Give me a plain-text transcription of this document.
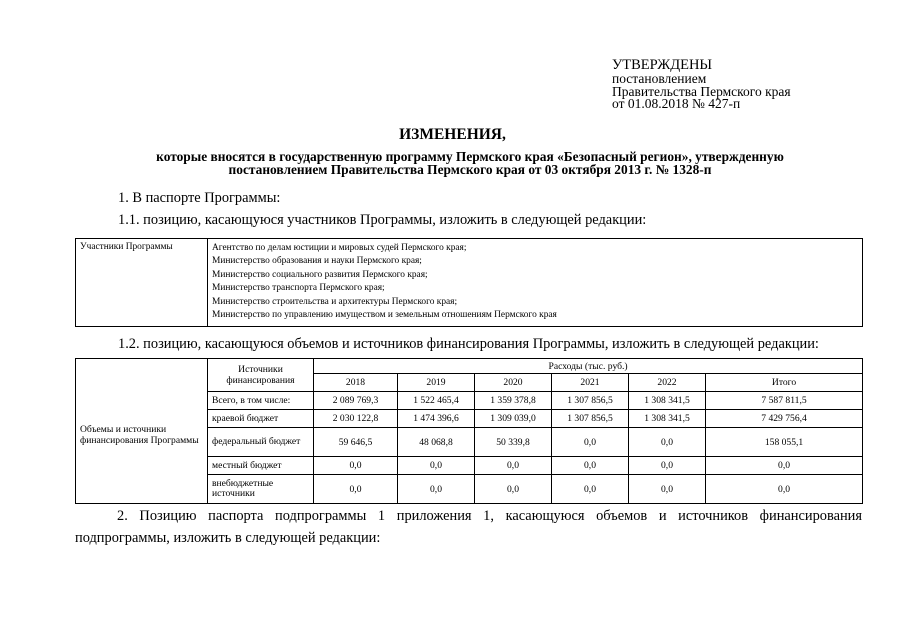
УТВЕРЖДЕНЫ
постановлением
Правительства Пермского края
от 01.08.2018 № 427-п
ИЗМЕНЕНИЯ,
которые вносятся в государственную программу Пермского края «Безопасный регион», утвержденную
постановлением Правительства Пермского края от 03 октября 2013 г. № 1328-п
1. В паспорте Программы:
1.1. позицию, касающуюся участников Программы, изложить в следующей редакции:
Участники Программы	Агентство по делам юстиции и мировых судей Пермского края;
Министерство образования и науки Пермского края;
Министерство социального развития Пермского края;
Министерство транспорта Пермского края;
Министерство строительства и архитектуры Пермского края;
Министерство по управлению имуществом и земельным отношениям Пермского края
1.2. позицию, касающуюся объемов и источников финансирования Программы, изложить в следующей редакции:
Объемы и источники финансирования Программы	Источники финансирования	Расходы (тыс. руб.)					
		2018	2019	2020	2021	2022	Итого
	Всего, в том числе:	2 089 769,3	1 522 465,4	1 359 378,8	1 307 856,5	1 308 341,5	7 587 811,5
	краевой бюджет	2 030 122,8	1 474 396,6	1 309 039,0	1 307 856,5	1 308 341,5	7 429 756,4
	федеральный бюджет	59 646,5	48 068,8	50 339,8	0,0	0,0	158 055,1
	местный бюджет	0,0	0,0	0,0	0,0	0,0	0,0
	внебюджетные источники	0,0	0,0	0,0	0,0	0,0	0,0
2. Позицию паспорта подпрограммы 1 приложения 1, касающуюся объемов и источников финансирования подпрограммы, изложить в следующей редакции:
